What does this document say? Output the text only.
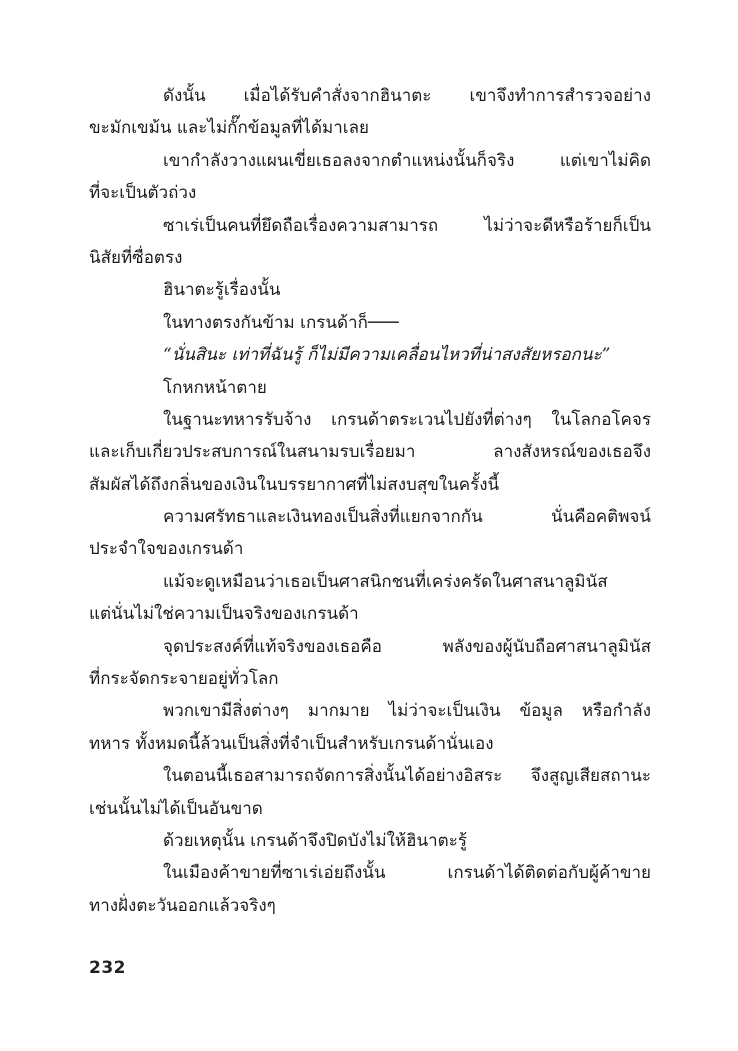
ดังนั้น เมื่อได้รับคำสั่งจากฮินาตะ เขาจึงทำการสำรวจอย่าง
ขะมักเขม้น และไม่กั๊กข้อมูลที่ได้มาเลย
เขากำลังวางแผนเขี่ยเธอลงจากตำแหน่งนั้นก็จริง แต่เขาไม่คิด
ที่จะเป็นตัวถ่วง
ซาเร่เป็นคนที่ยึดถือเรื่องความสามารถ ไม่ว่าจะดีหรือร้ายก็เป็น
นิสัยที่ซื่อตรง
ฮินาตะรู้เรื่องนั้น
ในทางตรงกันข้าม เกรนด้าก็───
“นั่นสินะ เท่าที่ฉันรู้ ก็ไม่มีความเคลื่อนไหวที่น่าสงสัยหรอกนะ”
โกหกหน้าตาย
ในฐานะทหารรับจ้าง เกรนด้าตระเวนไปยังที่ต่างๆ ในโลกอโคจร
และเก็บเกี่ยวประสบการณ์ในสนามรบเรื่อยมา ลางสังหรณ์ของเธอจึง
สัมผัสได้ถึงกลิ่นของเงินในบรรยากาศที่ไม่สงบสุขในครั้งนี้
ความศรัทธาและเงินทองเป็นสิ่งที่แยกจากกัน นั่นคือคติพจน์
ประจำใจของเกรนด้า
แม้จะดูเหมือนว่าเธอเป็นศาสนิกชนที่เคร่งครัดในศาสนาลูมินัส
แต่นั่นไม่ใช่ความเป็นจริงของเกรนด้า
จุดประสงค์ที่แท้จริงของเธอคือ พลังของผู้นับถือศาสนาลูมินัส
ที่กระจัดกระจายอยู่ทั่วโลก
พวกเขามีสิ่งต่างๆ มากมาย ไม่ว่าจะเป็นเงิน ข้อมูล หรือกำลัง
ทหาร ทั้งหมดนี้ล้วนเป็นสิ่งที่จำเป็นสำหรับเกรนด้านั่นเอง
ในตอนนี้เธอสามารถจัดการสิ่งนั้นได้อย่างอิสระ จึงสูญเสียสถานะ
เช่นนั้นไม่ได้เป็นอันขาด
ด้วยเหตุนั้น เกรนด้าจึงปิดบังไม่ให้ฮินาตะรู้
ในเมืองค้าขายที่ซาเร่เอ่ยถึงนั้น เกรนด้าได้ติดต่อกับผู้ค้าขาย
ทางฝั่งตะวันออกแล้วจริงๆ
232
